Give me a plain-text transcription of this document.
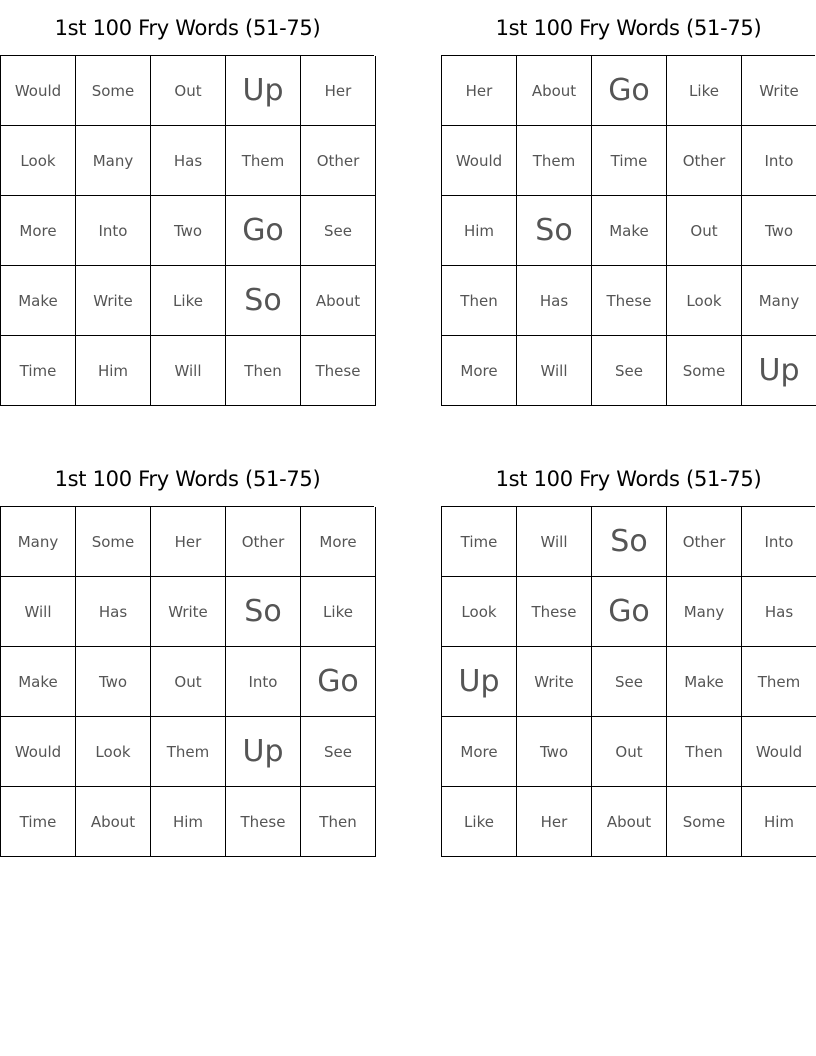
1st 100 Fry Words (51-75)
Would	Some	Out	Up	Her
Look	Many	Has	Them	Other
More	Into	Two	Go	See
Make	Write	Like	So	About
Time	Him	Will	Then	These
1st 100 Fry Words (51-75)
Her	About	Go	Like	Write
Would	Them	Time	Other	Into
Him	So	Make	Out	Two
Then	Has	These	Look	Many
More	Will	See	Some	Up
1st 100 Fry Words (51-75)
Many	Some	Her	Other	More
Will	Has	Write	So	Like
Make	Two	Out	Into	Go
Would	Look	Them	Up	See
Time	About	Him	These	Then
1st 100 Fry Words (51-75)
Time	Will	So	Other	Into
Look	These	Go	Many	Has
Up	Write	See	Make	Them
More	Two	Out	Then	Would
Like	Her	About	Some	Him
